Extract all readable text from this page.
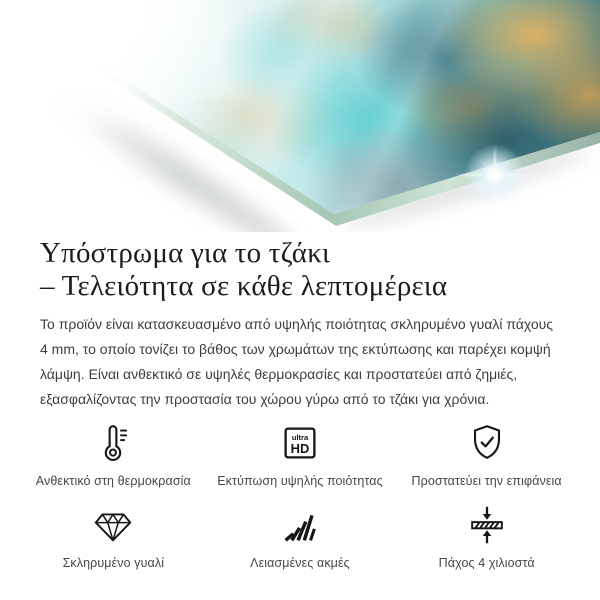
Υπόστρωμα για το τζάκι
– Τελειότητα σε κάθε λεπτομέρεια

Το προϊόν είναι κατασκευασμένο από υψηλής ποιότητας σκληρυμένο γυαλί πάχους 4 mm, το οποίο τονίζει το βάθος των χρωμάτων της εκτύπωσης και παρέχει κομψή λάμψη. Είναι ανθεκτικό σε υψηλές θερμοκρασίες και προστατεύει από ζημιές, εξασφαλίζοντας την προστασία του χώρου γύρω από το τζάκι για χρόνια.

Ανθεκτικό στη θερμοκρασία
ultra
HD
Εκτύπωση υψηλής ποιότητας Προστατεύει την επιφάνεια
Σκληρυμένο γυαλί	Λειασμένες ακμές	Πάχος 4 χιλιοστά
